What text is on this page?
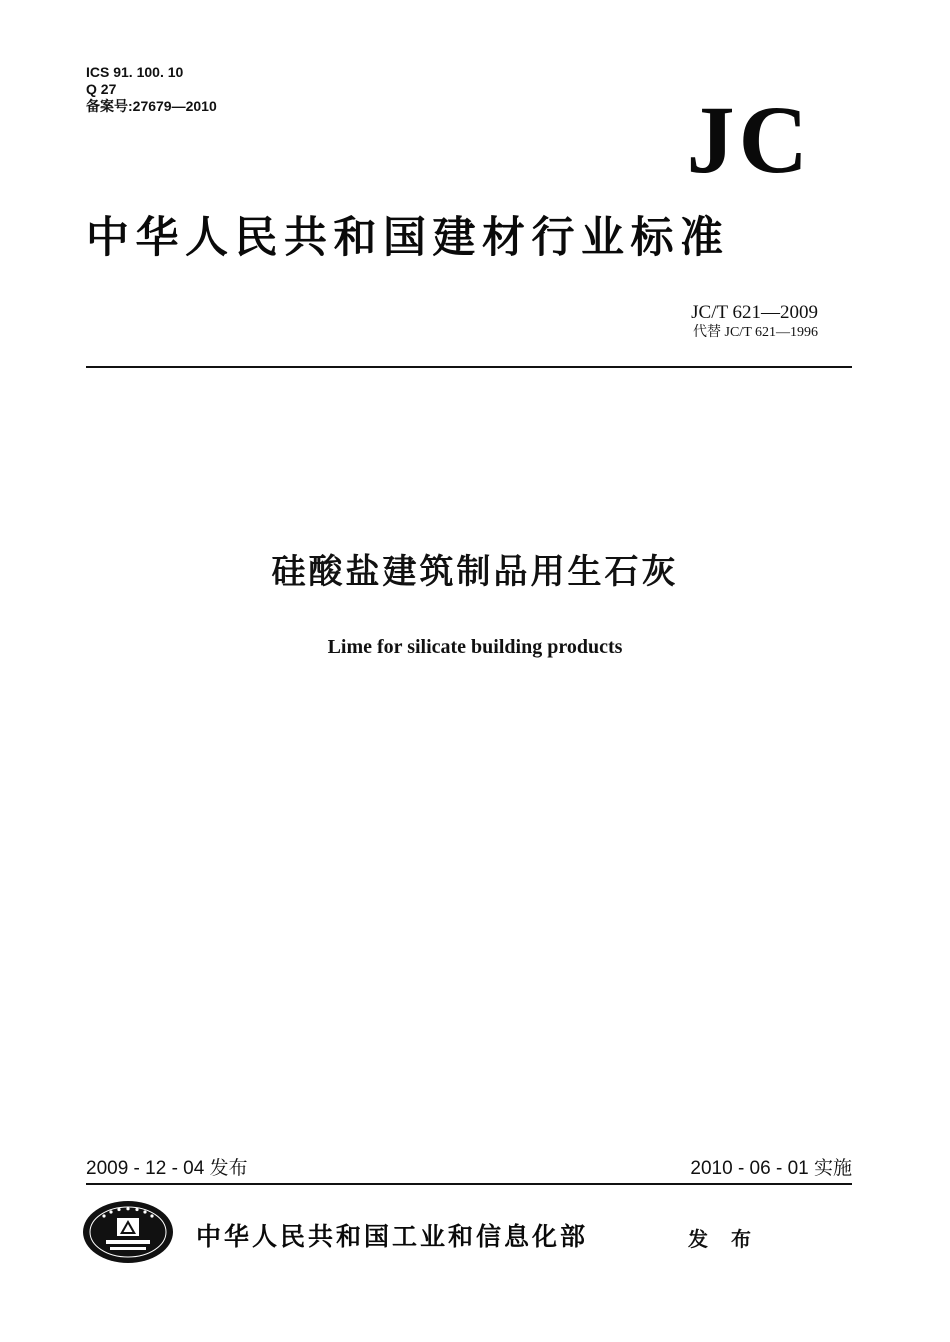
ICS 91. 100. 10
Q 27
备案号:27679—2010	JC
中华人民共和国建材行业标准
JC/T 621—2009
代替 JC/T 621—1996
硅酸盐建筑制品用生石灰
Lime for silicate building products
2009 - 12 - 04 发布	2010 - 06 - 01 实施
中华人民共和国工业和信息化部	发 布
